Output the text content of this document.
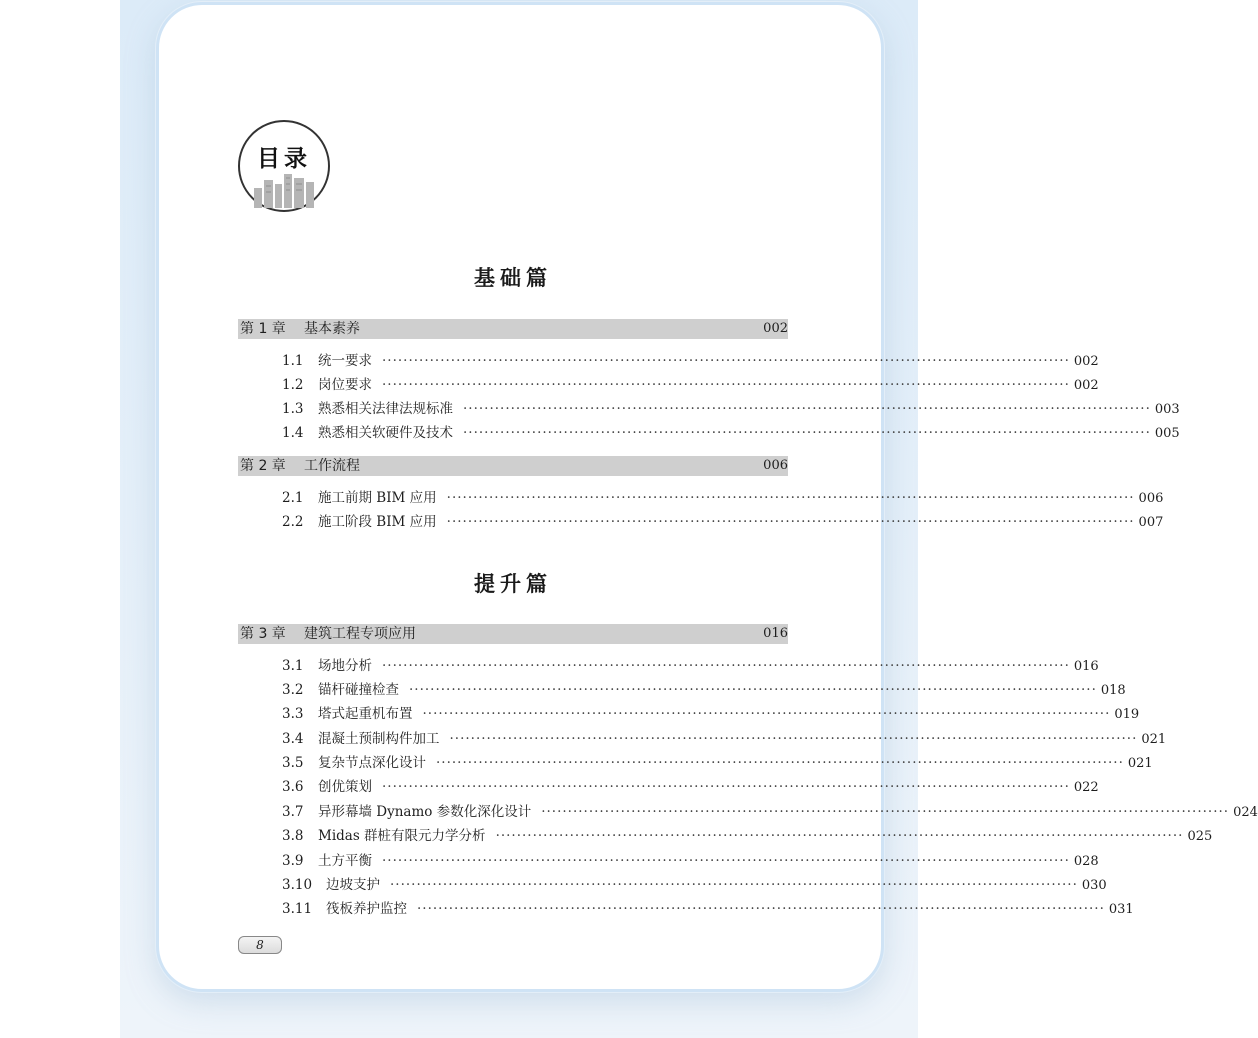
目录
基础篇
第 1 章 基本素养	002
1.1 统一要求 ·································································································································· 002
1.2 岗位要求 ·································································································································· 002
1.3 熟悉相关法律法规标准 ·································································································································· 003
1.4 熟悉相关软硬件及技术 ·································································································································· 005
第 2 章 工作流程	006
2.1 施工前期 BIM 应用 ·································································································································· 006
2.2 施工阶段 BIM 应用 ·································································································································· 007
提升篇
第 3 章 建筑工程专项应用	016
3.1 场地分析 ·································································································································· 016
3.2 锚杆碰撞检查 ·································································································································· 018
3.3 塔式起重机布置 ·································································································································· 019
3.4 混凝土预制构件加工 ·································································································································· 021
3.5 复杂节点深化设计 ·································································································································· 021
3.6 创优策划 ·································································································································· 022
3.7 异形幕墙 Dynamo 参数化深化设计 ·································································································································· 024
3.8 Midas 群桩有限元力学分析 ·································································································································· 025
3.9 土方平衡 ·································································································································· 028
3.10 边坡支护 ·································································································································· 030
3.11 筏板养护监控 ·································································································································· 031
8
